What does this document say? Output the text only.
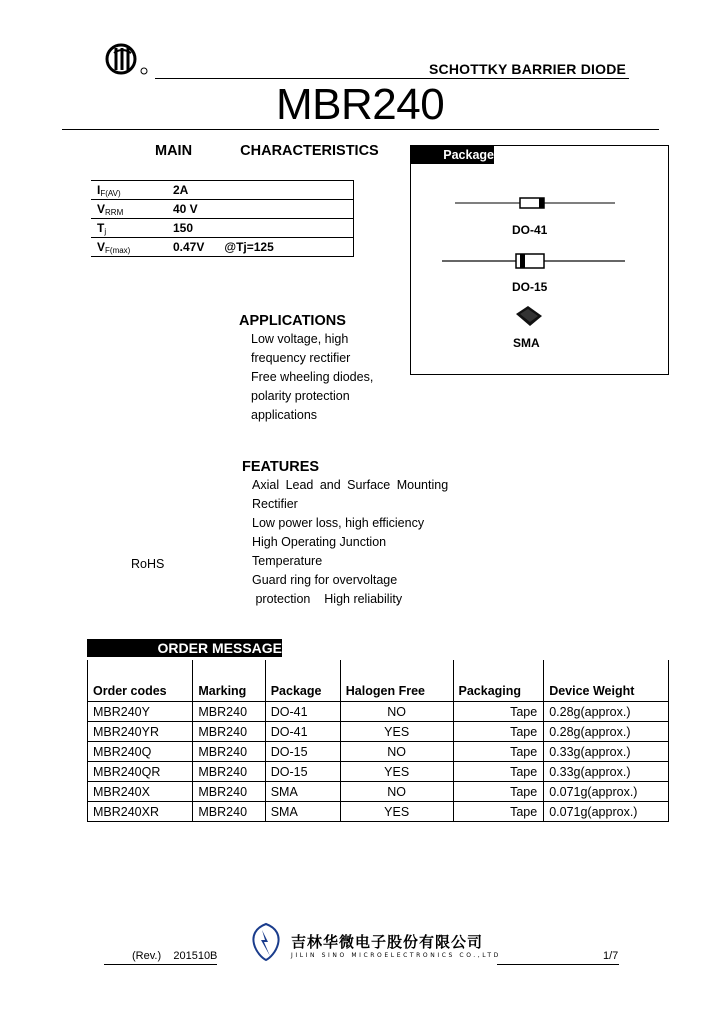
SCHOTTKY BARRIER DIODE
MBR240
MAIN    CHARACTERISTICS
$I_{F(AV)}$	2A
$V_{RRM}$	40 V
$T_j$	150
$V_{F(max)}$	0.47V      @Tj=125
Package
DO-41
DO-15
SMA
APPLICATIONS
Low voltage, high
frequency rectifier
Free wheeling diodes,
polarity protection
applications
FEATURES
Axial Lead and Surface Mounting
Rectifier
Low power loss, high efficiency
High Operating Junction
Temperature
Guard ring for overvoltage
protection    High reliability
RoHS
ORDER MESSAGE
Order codes	Marking	Package	Halogen Free	Packaging	Device Weight
MBR240Y	MBR240	DO-41	NO	Tape	0.28g(approx.)
MBR240YR	MBR240	DO-41	YES	Tape	0.28g(approx.)
MBR240Q	MBR240	DO-15	NO	Tape	0.33g(approx.)
MBR240QR	MBR240	DO-15	YES	Tape	0.33g(approx.)
MBR240X	MBR240	SMA	NO	Tape	0.071g(approx.)
MBR240XR	MBR240	SMA	YES	Tape	0.071g(approx.)
(Rev.)    201510B
吉林华微电子股份有限公司
JILIN SINO MICROELECTRONICS CO.,LTD	1/7
